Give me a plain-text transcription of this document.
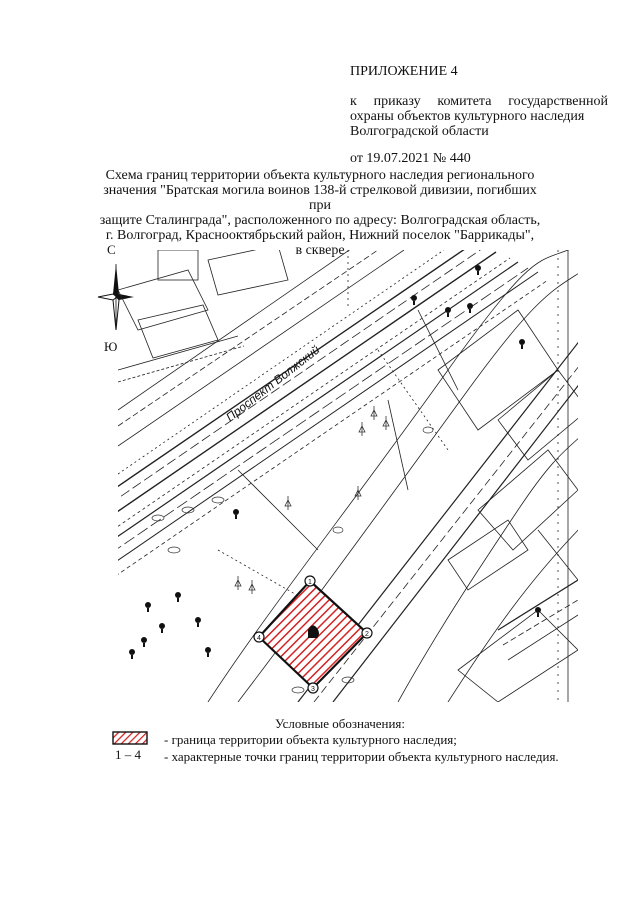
ПРИЛОЖЕНИЕ 4
к приказу комитета государственной охраны объектов культурного наследия
Волгоградской области
от 19.07.2021 № 440
Схема границ территории объекта культурного наследия регионального
значения "Братская могила воинов 138-й стрелковой дивизии, погибших при
защите Сталинграда", расположенного по адресу: Волгоградская область,
г. Волгоград, Краснооктябрьский район, Нижний поселок "Баррикады",
в сквере
С
Ю	Проспект Волжский
1
2
3
4
Условные обозначения:
- граница территории объекта культурного наследия;
1 – 4 - характерные точки границ территории объекта культурного наследия.
